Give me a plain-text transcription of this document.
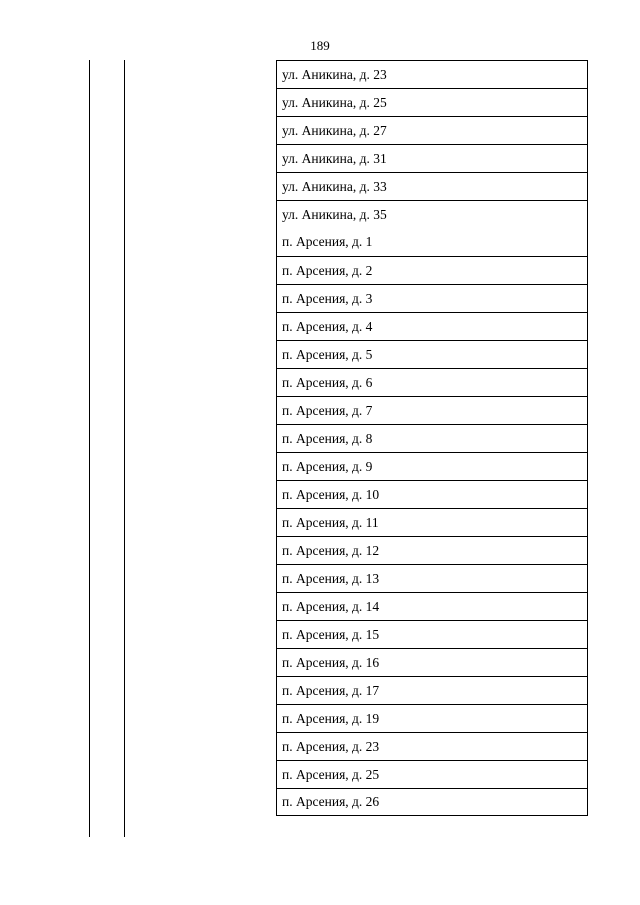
189
ул. Аникина, д. 23
ул. Аникина, д. 25
ул. Аникина, д. 27
ул. Аникина, д. 31
ул. Аникина, д. 33
ул. Аникина, д. 35
п. Арсения, д. 1
п. Арсения, д. 2
п. Арсения, д. 3
п. Арсения, д. 4
п. Арсения, д. 5
п. Арсения, д. 6
п. Арсения, д. 7
п. Арсения, д. 8
п. Арсения, д. 9
п. Арсения, д. 10
п. Арсения, д. 11
п. Арсения, д. 12
п. Арсения, д. 13
п. Арсения, д. 14
п. Арсения, д. 15
п. Арсения, д. 16
п. Арсения, д. 17
п. Арсения, д. 19
п. Арсения, д. 23
п. Арсения, д. 25
п. Арсения, д. 26
